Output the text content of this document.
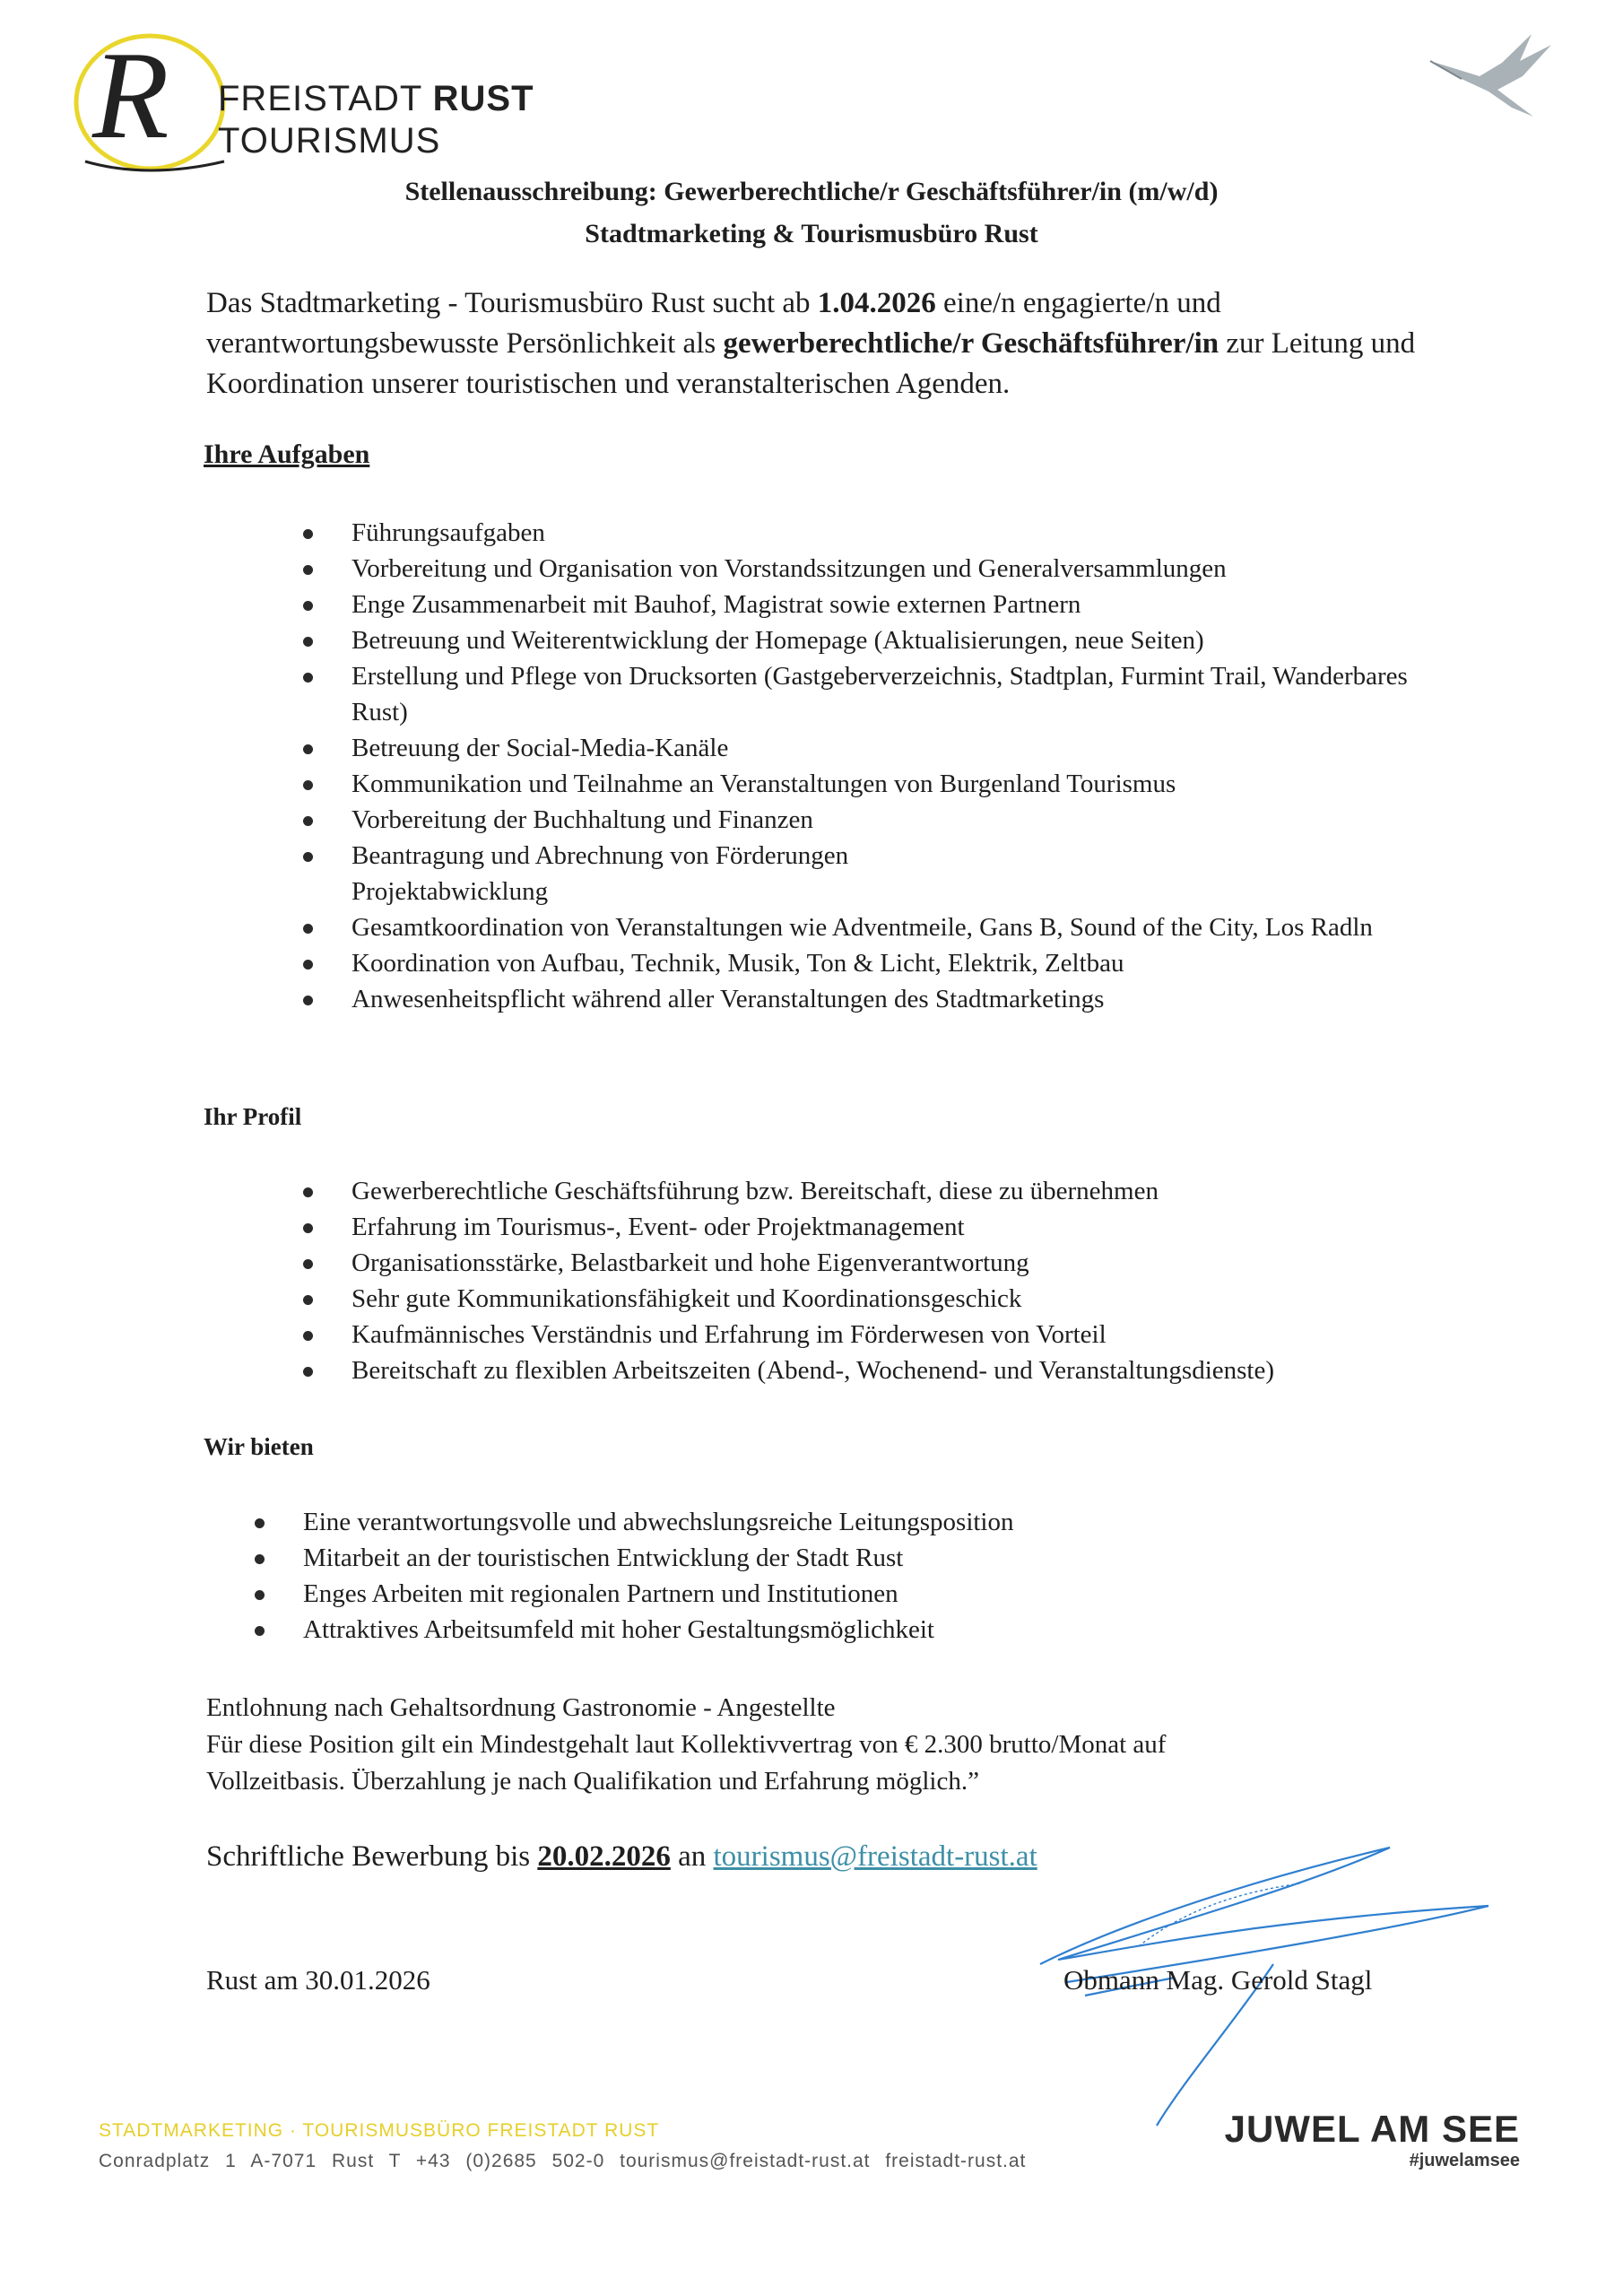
R FREISTADT RUST
TOURISMUS
Stellenausschreibung: Gewerberechtliche/r Geschäftsführer/in (m/w/d)
Stadtmarketing & Tourismusbüro Rust
Das Stadtmarketing - Tourismusbüro Rust sucht ab 1.04.2026 eine/n engagierte/n und verantwortungsbewusste Persönlichkeit als gewerberechtliche/r Geschäftsführer/in zur Leitung und Koordination unserer touristischen und veranstalterischen Agenden.
Ihre Aufgaben
Führungsaufgaben
Vorbereitung und Organisation von Vorstandssitzungen und Generalversammlungen
Enge Zusammenarbeit mit Bauhof, Magistrat sowie externen Partnern
Betreuung und Weiterentwicklung der Homepage (Aktualisierungen, neue Seiten)
Erstellung und Pflege von Drucksorten (Gastgeberverzeichnis, Stadtplan, Furmint Trail, Wanderbares Rust)
Betreuung der Social-Media-Kanäle
Kommunikation und Teilnahme an Veranstaltungen von Burgenland Tourismus
Vorbereitung der Buchhaltung und Finanzen
Beantragung und Abrechnung von Förderungen
Projektabwicklung
Gesamtkoordination von Veranstaltungen wie Adventmeile, Gans B, Sound of the City, Los Radln
Koordination von Aufbau, Technik, Musik, Ton & Licht, Elektrik, Zeltbau
Anwesenheitspflicht während aller Veranstaltungen des Stadtmarketings
Ihr Profil
Gewerberechtliche Geschäftsführung bzw. Bereitschaft, diese zu übernehmen
Erfahrung im Tourismus-, Event- oder Projektmanagement
Organisationsstärke, Belastbarkeit und hohe Eigenverantwortung
Sehr gute Kommunikationsfähigkeit und Koordinationsgeschick
Kaufmännisches Verständnis und Erfahrung im Förderwesen von Vorteil
Bereitschaft zu flexiblen Arbeitszeiten (Abend-, Wochenend- und Veranstaltungsdienste)
Wir bieten
Eine verantwortungsvolle und abwechslungsreiche Leitungsposition
Mitarbeit an der touristischen Entwicklung der Stadt Rust
Enges Arbeiten mit regionalen Partnern und Institutionen
Attraktives Arbeitsumfeld mit hoher Gestaltungsmöglichkeit
Entlohnung nach Gehaltsordnung Gastronomie - Angestellte
Für diese Position gilt ein Mindestgehalt laut Kollektivvertrag von € 2.300 brutto/Monat auf
Vollzeitbasis. Überzahlung je nach Qualifikation und Erfahrung möglich.”
Schriftliche Bewerbung bis 20.02.2026 an tourismus@freistadt-rust.at
Rust am 30.01.2026	Obmann Mag. Gerold Stagl
STADTMARKETING · TOURISMUSBÜRO FREISTADT RUST
Conradplatz 1 A-7071 Rust T +43 (0)2685 502-0 tourismus@freistadt-rust.at freistadt-rust.at
JUWEL AM SEE
#juwelamsee
